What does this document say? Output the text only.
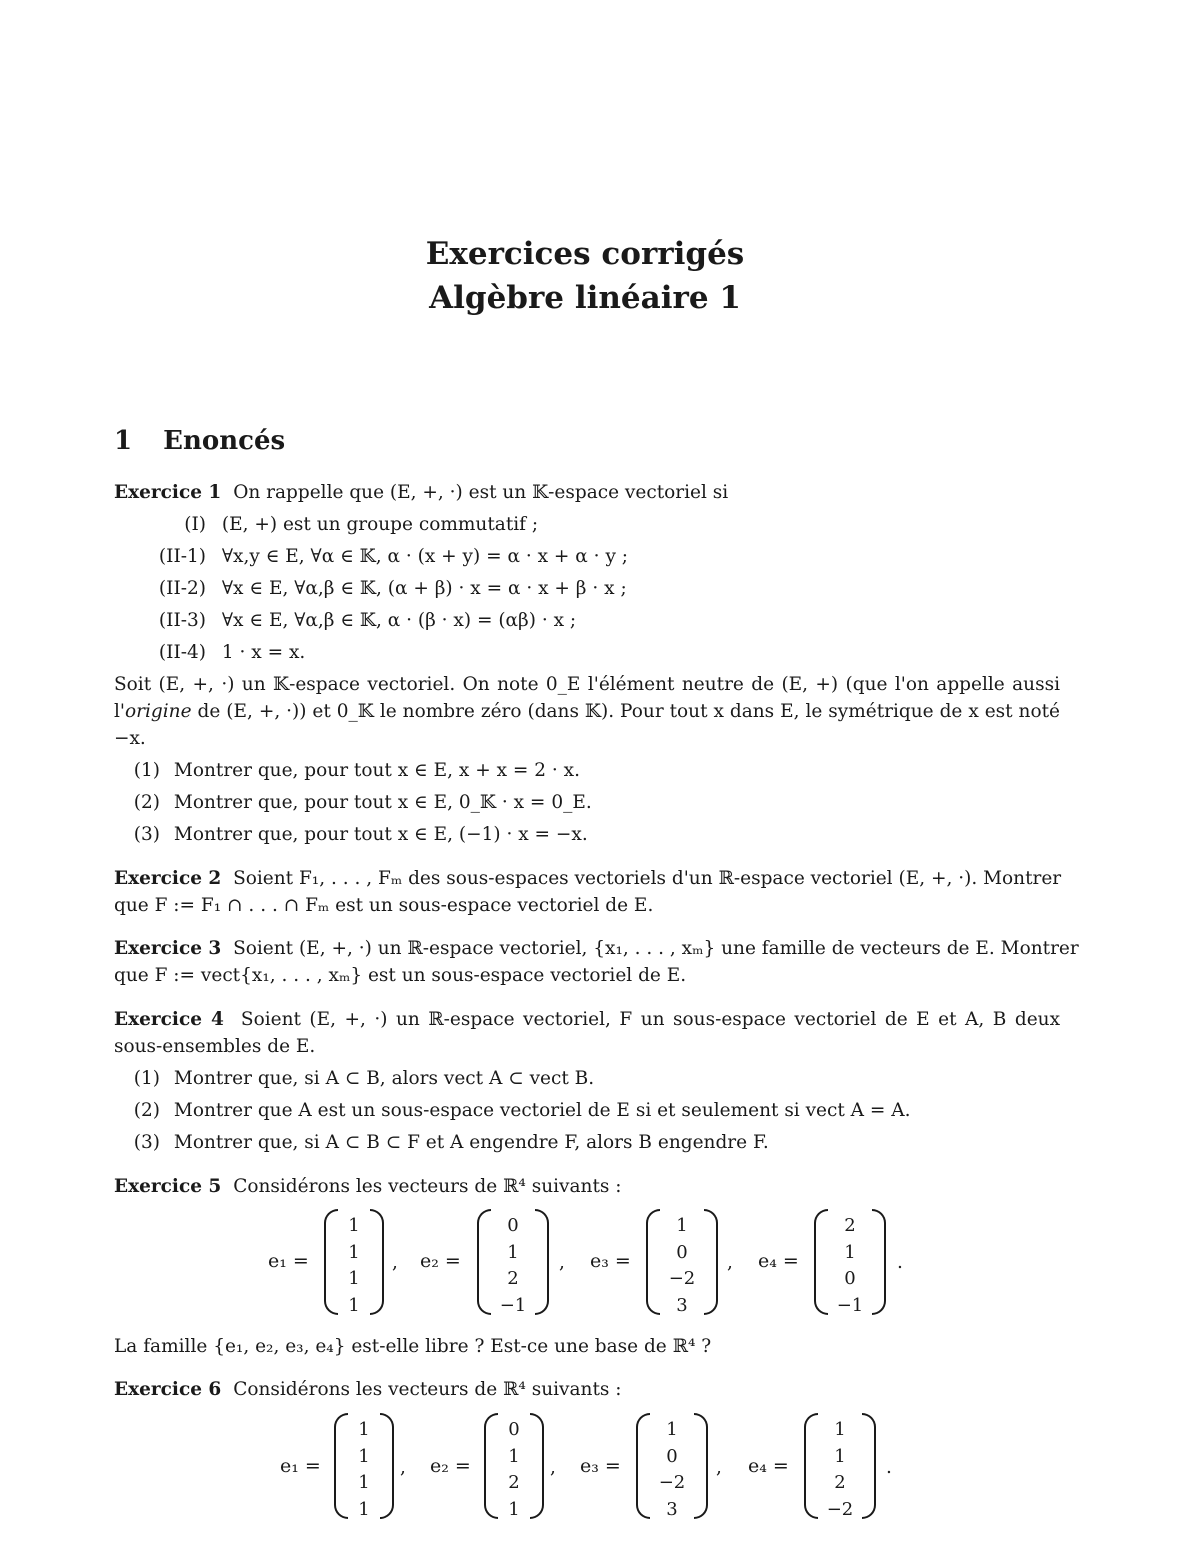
Exercices corrigés
Algèbre linéaire 1
1 Enoncés
Exercice 1 On rappelle que (E, +, ·) est un 𝕂-espace vectoriel si
(I) (E, +) est un groupe commutatif ;
(II-1) ∀x,y ∈ E, ∀α ∈ 𝕂, α · (x + y) = α · x + α · y ;
(II-2) ∀x ∈ E, ∀α,β ∈ 𝕂, (α + β) · x = α · x + β · x ;
(II-3) ∀x ∈ E, ∀α,β ∈ 𝕂, α · (β · x) = (αβ) · x ;
(II-4) 1 · x = x.
Soit (E, +, ·) un 𝕂-espace vectoriel. On note 0_E l'élément neutre de (E, +) (que l'on appelle aussi
l'origine de (E, +, ·)) et 0_𝕂 le nombre zéro (dans 𝕂). Pour tout x dans E, le symétrique de x est noté
−x.
(1) Montrer que, pour tout x ∈ E, x + x = 2 · x.
(2) Montrer que, pour tout x ∈ E, 0_𝕂 · x = 0_E.
(3) Montrer que, pour tout x ∈ E, (−1) · x = −x.
Exercice 2 Soient F₁, . . . , Fₘ des sous-espaces vectoriels d'un ℝ-espace vectoriel (E, +, ·). Montrer
que F := F₁ ∩ . . . ∩ Fₘ est un sous-espace vectoriel de E.
Exercice 3 Soient (E, +, ·) un ℝ-espace vectoriel, {x₁, . . . , xₘ} une famille de vecteurs de E. Montrer
que F := vect{x₁, . . . , xₘ} est un sous-espace vectoriel de E.
Exercice 4 Soient (E, +, ·) un ℝ-espace vectoriel, F un sous-espace vectoriel de E et A, B deux
sous-ensembles de E.
(1) Montrer que, si A ⊂ B, alors vect A ⊂ vect B.
(2) Montrer que A est un sous-espace vectoriel de E si et seulement si vect A = A.
(3) Montrer que, si A ⊂ B ⊂ F et A engendre F, alors B engendre F.
Exercice 5 Considérons les vecteurs de ℝ⁴ suivants :
e₁ =
1
1
1
1
, e₂ =
0
1
2
−1
, e₃ =
1
0
−2
3
, e₄ =
2
1
0
−1
.
La famille {e₁, e₂, e₃, e₄} est-elle libre ? Est-ce une base de ℝ⁴ ?
Exercice 6 Considérons les vecteurs de ℝ⁴ suivants :
e₁ =
1
1
1
1
, e₂ =
0
1
2
1
, e₃ =
1
0
−2
3
, e₄ =
1
1
2
−2
.
